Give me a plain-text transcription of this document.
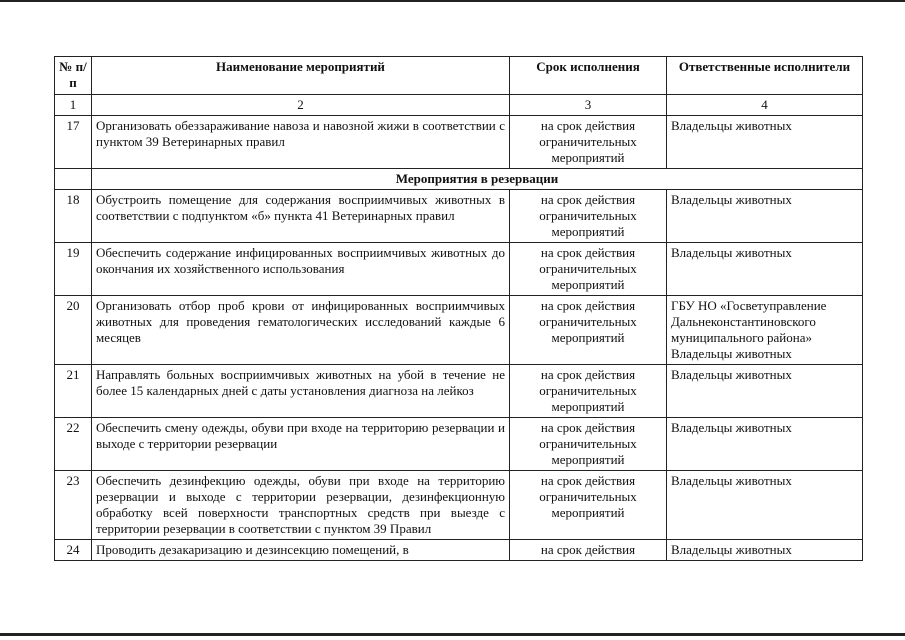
№ п/п	Наименование мероприятий	Срок исполнения	Ответственные исполнители
1	2	3	4
17	Организовать обеззараживание навоза и навозной жижи в соответствии с пунктом 39 Ветеринарных правил	на срок действия ограничительных мероприятий	Владельцы животных
	Мероприятия в резервации		
18	Обустроить помещение для содержания восприимчивых животных в соответствии с подпунктом «б» пункта 41 Ветеринарных правил	на срок действия ограничительных мероприятий	Владельцы животных
19	Обеспечить содержание инфицированных восприимчивых животных до окончания их хозяйственного использования	на срок действия ограничительных мероприятий	Владельцы животных
20	Организовать отбор проб крови от инфицированных восприимчивых животных для проведения гематологических исследований каждые 6 месяцев	на срок действия ограничительных мероприятий	ГБУ НО «Госветуправление Дальнеконстантиновского муниципального района» Владельцы животных
21	Направлять больных восприимчивых животных на убой в течение не более 15 календарных дней с даты установления диагноза на лейкоз	на срок действия ограничительных мероприятий	Владельцы животных
22	Обеспечить смену одежды, обуви при входе на территорию резервации и выходе с территории резервации	на срок действия ограничительных мероприятий	Владельцы животных
23	Обеспечить дезинфекцию одежды, обуви при входе на территорию резервации и выходе с территории резервации, дезинфекционную обработку всей поверхности транспортных средств при выезде с территории резервации в соответствии с пунктом 39 Правил	на срок действия ограничительных мероприятий	Владельцы животных
24	Проводить дезакаризацию и дезинсекцию помещений, в	на срок действия	Владельцы животных
